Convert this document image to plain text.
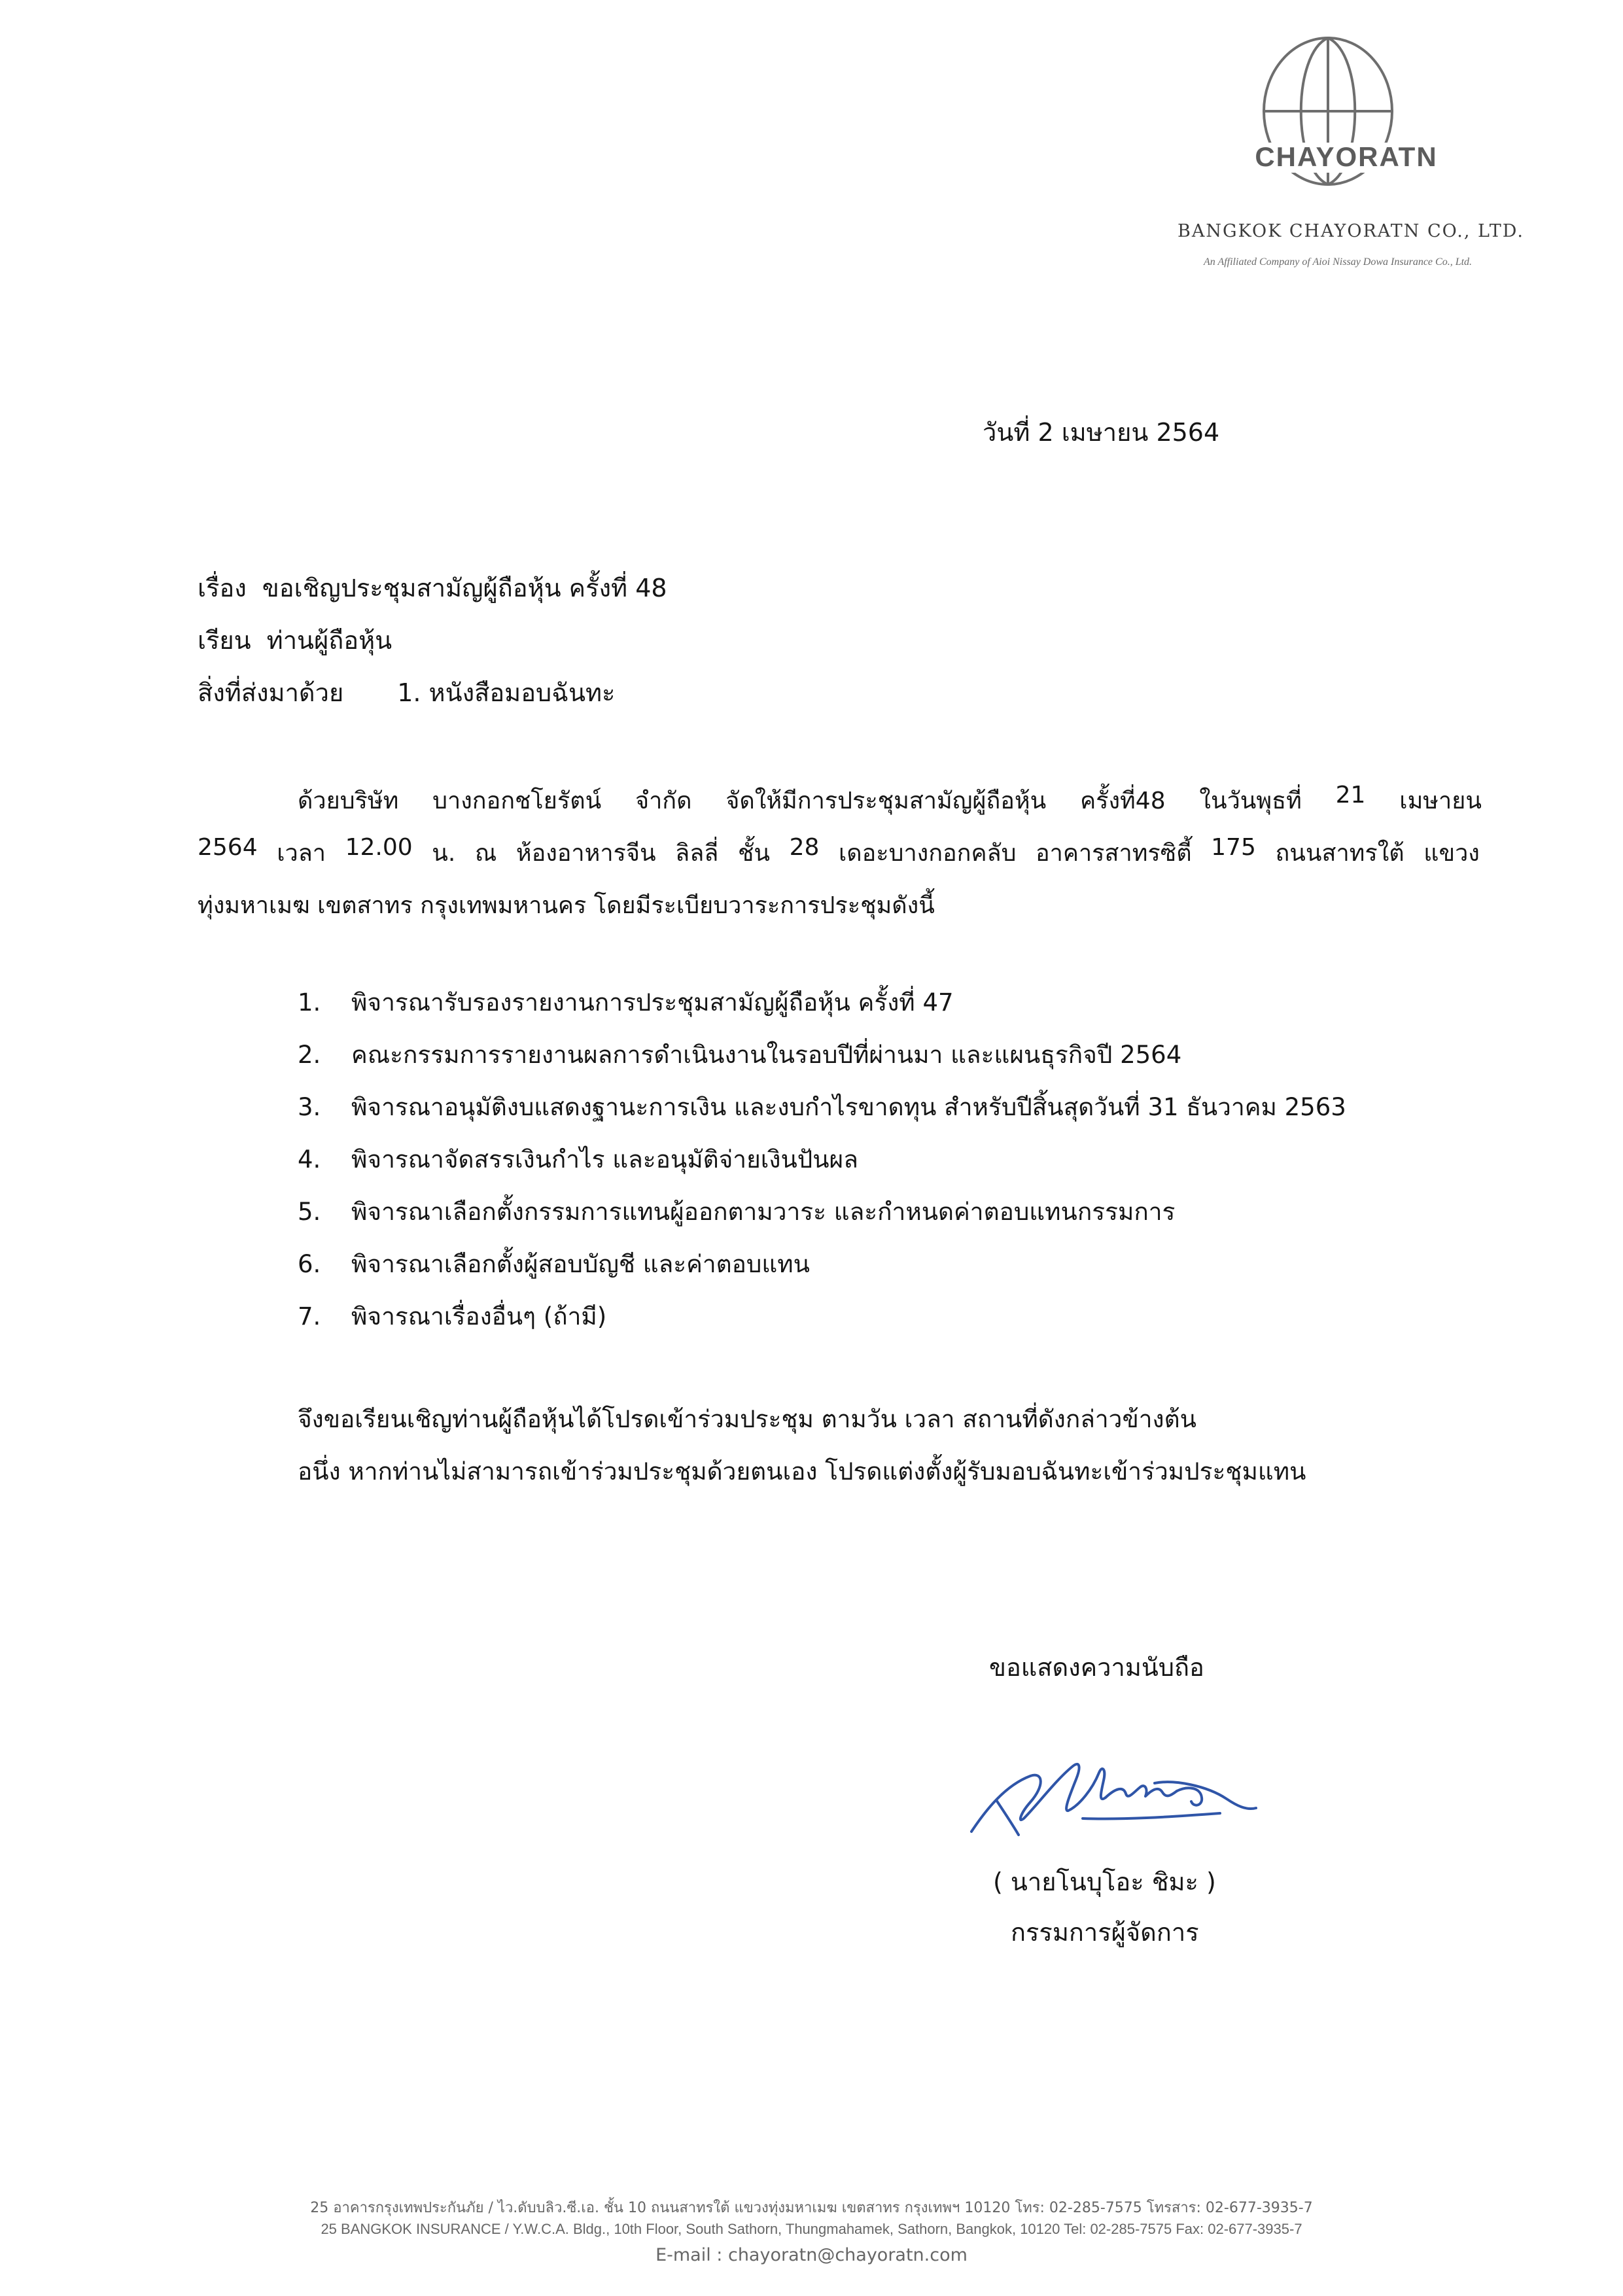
CHAYORATN
BANGKOK CHAYORATN CO., LTD.
An Affiliated Company of Aioi Nissay Dowa Insurance Co., Ltd.
วันที่ 2 เมษายน 2564
เรื่อง ขอเชิญประชุมสามัญผู้ถือหุ้น ครั้งที่ 48
เรียน ท่านผู้ถือหุ้น
สิ่งที่ส่งมาด้วย 1. หนังสือมอบฉันทะ
ด้วยบริษัท บางกอกชโยรัตน์ จำกัด จัดให้มีการประชุมสามัญผู้ถือหุ้น ครั้งที่48 ในวันพุธที่ 21 เมษายน
2564 เวลา 12.00 น. ณ ห้องอาหารจีน ลิลลี่ ชั้น 28 เดอะบางกอกคลับ อาคารสาทรซิตี้ 175 ถนนสาทรใต้ แขวง
ทุ่งมหาเมฆ เขตสาทร กรุงเทพมหานคร โดยมีระเบียบวาระการประชุมดังนี้
1. พิจารณารับรองรายงานการประชุมสามัญผู้ถือหุ้น ครั้งที่ 47
2. คณะกรรมการรายงานผลการดำเนินงานในรอบปีที่ผ่านมา และแผนธุรกิจปี 2564
3. พิจารณาอนุมัติงบแสดงฐานะการเงิน และงบกำไรขาดทุน สำหรับปีสิ้นสุดวันที่ 31 ธันวาคม 2563
4. พิจารณาจัดสรรเงินกำไร และอนุมัติจ่ายเงินปันผล
5. พิจารณาเลือกตั้งกรรมการแทนผู้ออกตามวาระ และกำหนดค่าตอบแทนกรรมการ
6. พิจารณาเลือกตั้งผู้สอบบัญชี และค่าตอบแทน
7. พิจารณาเรื่องอื่นๆ (ถ้ามี)
จึงขอเรียนเชิญท่านผู้ถือหุ้นได้โปรดเข้าร่วมประชุม ตามวัน เวลา สถานที่ดังกล่าวข้างต้น
อนึ่ง หากท่านไม่สามารถเข้าร่วมประชุมด้วยตนเอง โปรดแต่งตั้งผู้รับมอบฉันทะเข้าร่วมประชุมแทน
ขอแสดงความนับถือ
( นายโนบุโอะ ชิมะ )
กรรมการผู้จัดการ
25 อาคารกรุงเทพประกันภัย / ไว.ดับบลิว.ซี.เอ. ชั้น 10 ถนนสาทรใต้ แขวงทุ่งมหาเมฆ เขตสาทร กรุงเทพฯ 10120 โทร: 02-285-7575 โทรสาร: 02-677-3935-7
25 BANGKOK INSURANCE / Y.W.C.A. Bldg., 10th Floor, South Sathorn, Thungmahamek, Sathorn, Bangkok, 10120 Tel: 02-285-7575 Fax: 02-677-3935-7
E-mail : chayoratn@chayoratn.com
